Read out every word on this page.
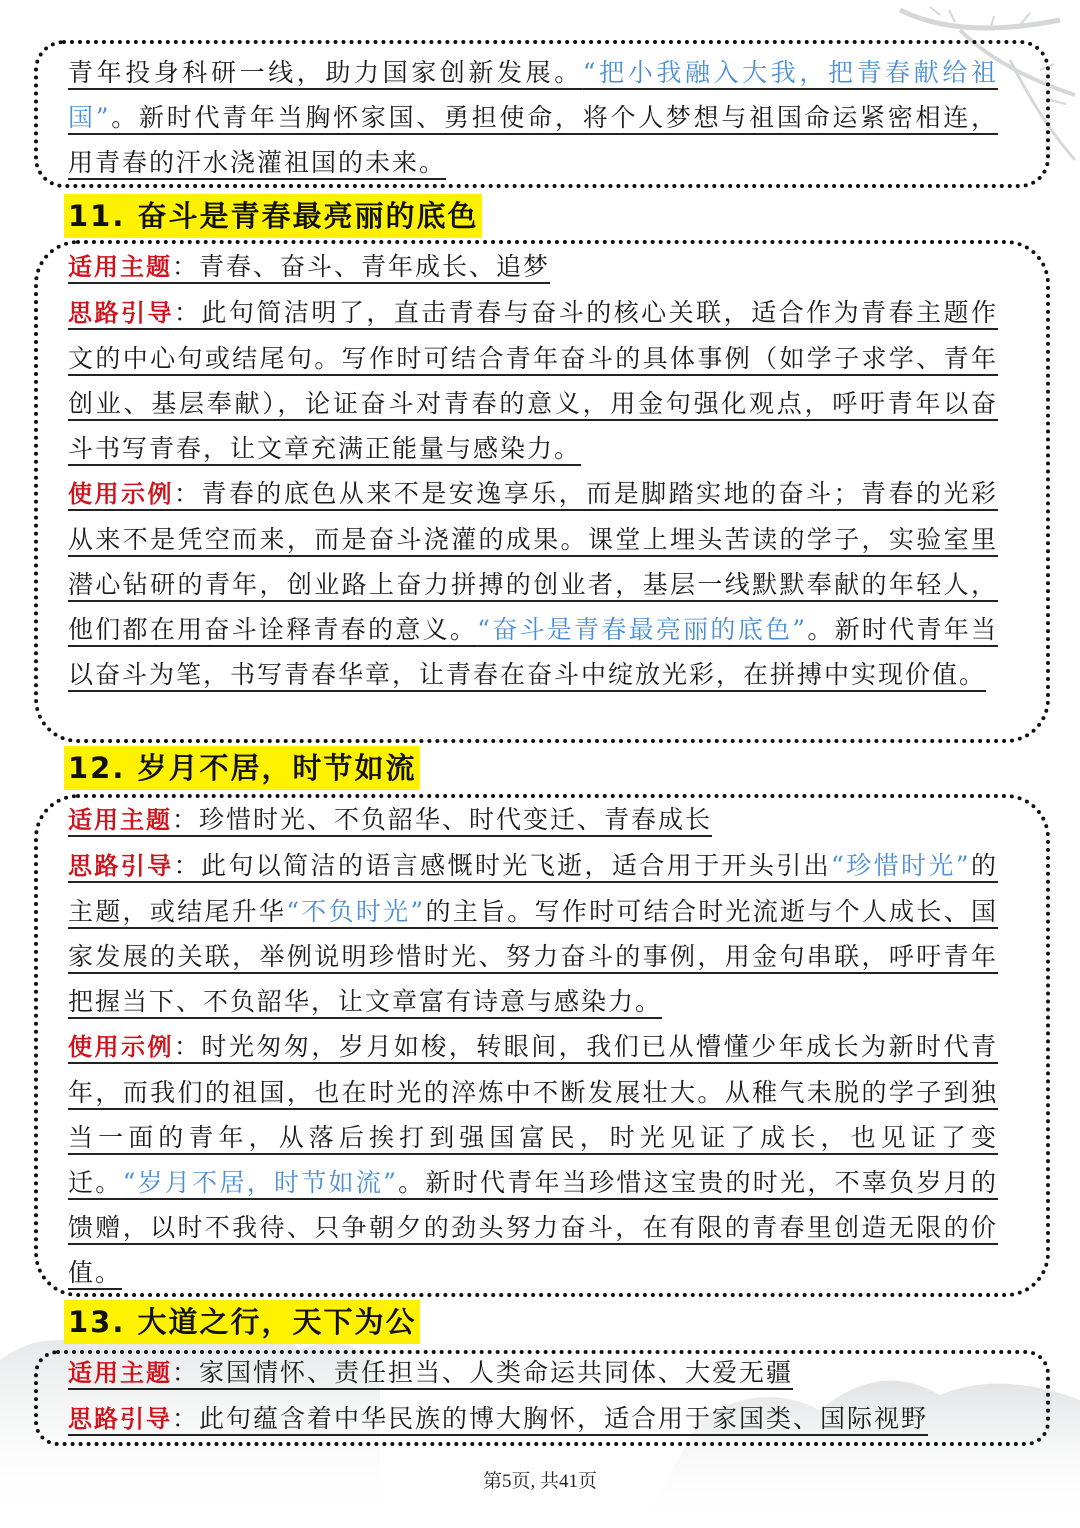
青年投身科研一线，助力国家创新发展。“把小我融入大我，把青春献给祖国”。新时代青年当胸怀家国、勇担使命，将个人梦想与祖国命运紧密相连，用青春的汗水浇灌祖国的未来。

11. 奋斗是青春最亮丽的底色

适用主题：青春、奋斗、青年成长、追梦

思路引导：此句简洁明了，直击青春与奋斗的核心关联，适合作为青春主题作文的中心句或结尾句。写作时可结合青年奋斗的具体事例（如学子求学、青年创业、基层奉献），论证奋斗对青春的意义，用金句强化观点，呼吁青年以奋斗书写青春，让文章充满正能量与感染力。

使用示例：青春的底色从来不是安逸享乐，而是脚踏实地的奋斗；青春的光彩从来不是凭空而来，而是奋斗浇灌的成果。课堂上埋头苦读的学子，实验室里潜心钻研的青年，创业路上奋力拼搏的创业者，基层一线默默奉献的年轻人，他们都在用奋斗诠释青春的意义。“奋斗是青春最亮丽的底色”。新时代青年当以奋斗为笔，书写青春华章，让青春在奋斗中绽放光彩，在拼搏中实现价值。

12. 岁月不居，时节如流

适用主题：珍惜时光、不负韶华、时代变迁、青春成长

思路引导：此句以简洁的语言感慨时光飞逝，适合用于开头引出“珍惜时光”的主题，或结尾升华“不负时光”的主旨。写作时可结合时光流逝与个人成长、国家发展的关联，举例说明珍惜时光、努力奋斗的事例，用金句串联，呼吁青年把握当下、不负韶华，让文章富有诗意与感染力。

使用示例：时光匆匆，岁月如梭，转眼间，我们已从懵懂少年成长为新时代青年，而我们的祖国，也在时光的淬炼中不断发展壮大。从稚气未脱的学子到独当一面的青年，从落后挨打到强国富民，时光见证了成长，也见证了变迁。“岁月不居，时节如流”。新时代青年当珍惜这宝贵的时光，不辜负岁月的馈赠，以时不我待、只争朝夕的劲头努力奋斗，在有限的青春里创造无限的价值。

13. 大道之行，天下为公

适用主题：家国情怀、责任担当、人类命运共同体、大爱无疆

思路引导：此句蕴含着中华民族的博大胸怀，适合用于家国类、国际视野

第5页, 共41页
